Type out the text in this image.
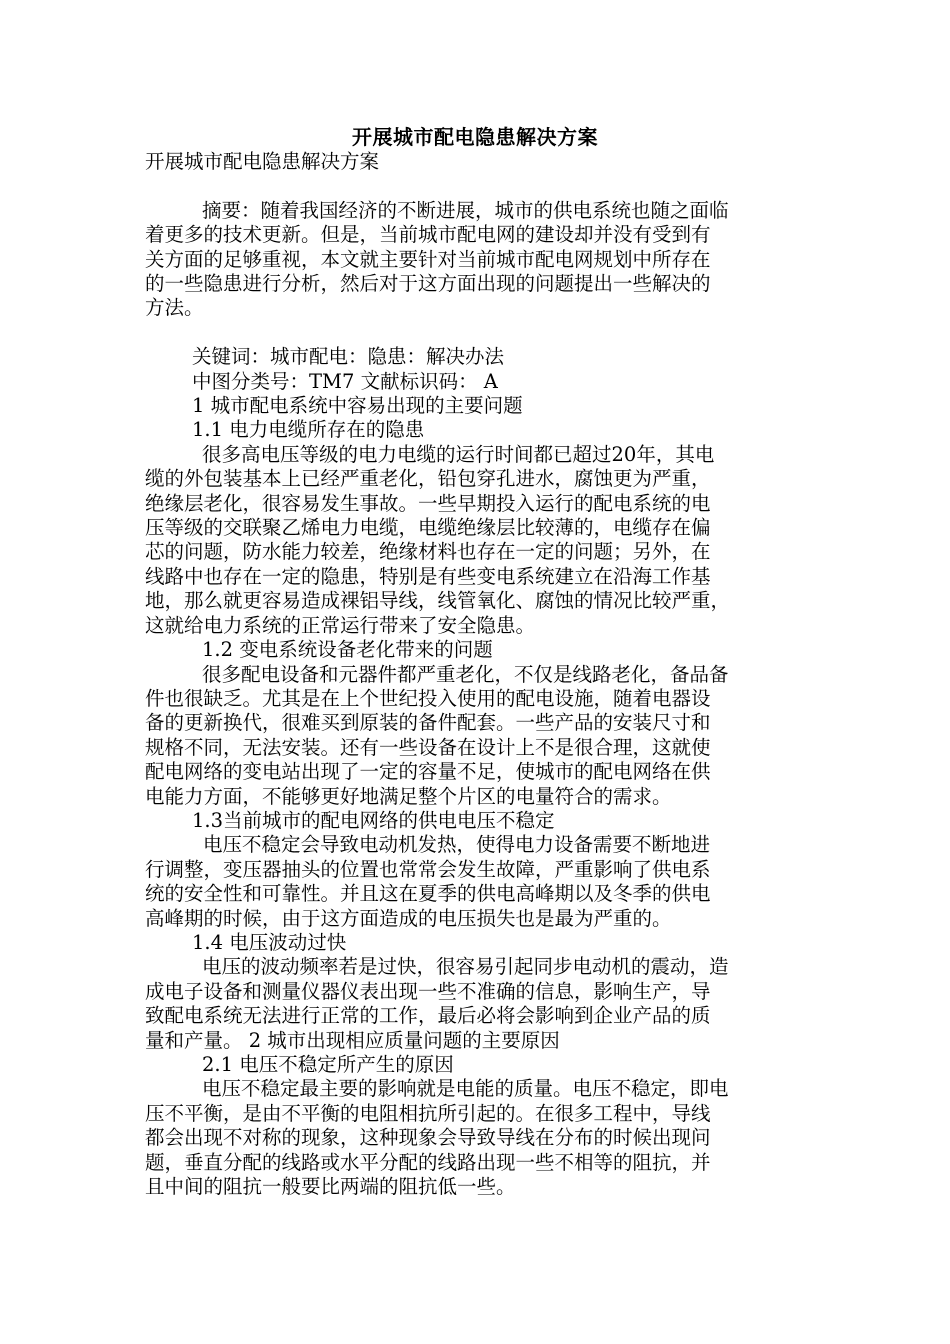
开展城市配电隐患解决方案
开展城市配电隐患解决方案
摘要：随着我国经济的不断进展，城市的供电系统也随之面临
着更多的技术更新。但是，当前城市配电网的建设却并没有受到有
关方面的足够重视，本文就主要针对当前城市配电网规划中所存在
的一些隐患进行分析，然后对于这方面出现的问题提出一些解决的
方法。
关键词：城市配电：隐患：解决办法
中图分类号：TM7 文献标识码： A
1 城市配电系统中容易出现的主要问题
1.1 电力电缆所存在的隐患
很多高电压等级的电力电缆的运行时间都已超过20年，其电
缆的外包装基本上已经严重老化，铅包穿孔进水，腐蚀更为严重，
绝缘层老化，很容易发生事故。一些早期投入运行的配电系统的电
压等级的交联聚乙烯电力电缆，电缆绝缘层比较薄的，电缆存在偏
芯的问题，防水能力较差，绝缘材料也存在一定的问题；另外，在
线路中也存在一定的隐患，特别是有些变电系统建立在沿海工作基
地，那么就更容易造成裸铝导线，线管氧化、腐蚀的情况比较严重，
这就给电力系统的正常运行带来了安全隐患。
1.2 变电系统设备老化带来的问题
很多配电设备和元器件都严重老化，不仅是线路老化，备品备
件也很缺乏。尤其是在上个世纪投入使用的配电设施，随着电器设
备的更新换代，很难买到原装的备件配套。一些产品的安装尺寸和
规格不同，无法安装。还有一些设备在设计上不是很合理，这就使
配电网络的变电站出现了一定的容量不足，使城市的配电网络在供
电能力方面，不能够更好地满足整个片区的电量符合的需求。
1.3当前城市的配电网络的供电电压不稳定
电压不稳定会导致电动机发热，使得电力设备需要不断地进
行调整，变压器抽头的位置也常常会发生故障，严重影响了供电系
统的安全性和可靠性。并且这在夏季的供电高峰期以及冬季的供电
高峰期的时候，由于这方面造成的电压损失也是最为严重的。
1.4 电压波动过快
电压的波动频率若是过快，很容易引起同步电动机的震动，造
成电子设备和测量仪器仪表出现一些不准确的信息，影响生产，导
致配电系统无法进行正常的工作，最后必将会影响到企业产品的质
量和产量。 2 城市出现相应质量问题的主要原因
2.1 电压不稳定所产生的原因
电压不稳定最主要的影响就是电能的质量。电压不稳定，即电
压不平衡，是由不平衡的电阻相抗所引起的。在很多工程中，导线
都会出现不对称的现象，这种现象会导致导线在分布的时候出现问
题，垂直分配的线路或水平分配的线路出现一些不相等的阻抗，并
且中间的阻抗一般要比两端的阻抗低一些。
